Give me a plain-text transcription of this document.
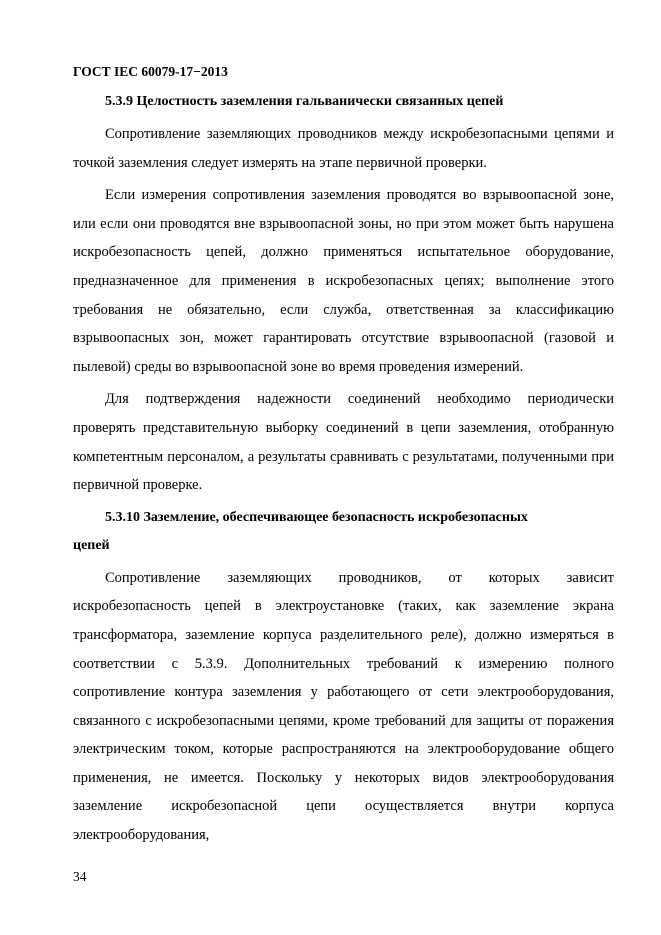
ГОСТ IEC 60079-17−2013
5.3.9 Целостность заземления гальванически связанных цепей

Сопротивление заземляющих проводников между искробезопасными цепями и точкой заземления следует измерять на этапе первичной проверки.

Если измерения сопротивления заземления проводятся во взрывоопасной зоне, или если они проводятся вне взрывоопасной зоны, но при этом может быть нарушена искробезопасность цепей, должно применяться испытательное оборудование, предназначенное для применения в искробезопасных цепях; выполнение этого требования не обязательно, если служба, ответственная за классификацию взрывоопасных зон, может гарантировать отсутствие взрывоопасной (газовой и пылевой) среды во взрывоопасной зоне во время проведения измерений.

Для подтверждения надежности соединений необходимо периодически проверять представительную выборку соединений в цепи заземления, отобранную компетентным персоналом, а результаты сравнивать с результатами, полученными при первичной проверке.

5.3.10 Заземление, обеспечивающее безопасность искробезопасных
цепей

Сопротивление заземляющих проводников, от которых зависит искробезопасность цепей в электроустановке (таких, как заземление экрана трансформатора, заземление корпуса разделительного реле), должно измеряться в соответствии с 5.3.9. Дополнительных требований к измерению полного сопротивление контура заземления у работающего от сети электрооборудования, связанного с искробезопасными цепями, кроме требований для защиты от поражения электрическим током, которые распространяются на электрооборудование общего применения, не имеется. Поскольку у некоторых видов электрооборудования заземление искробезопасной цепи осуществляется внутри корпуса электрооборудования,

34
